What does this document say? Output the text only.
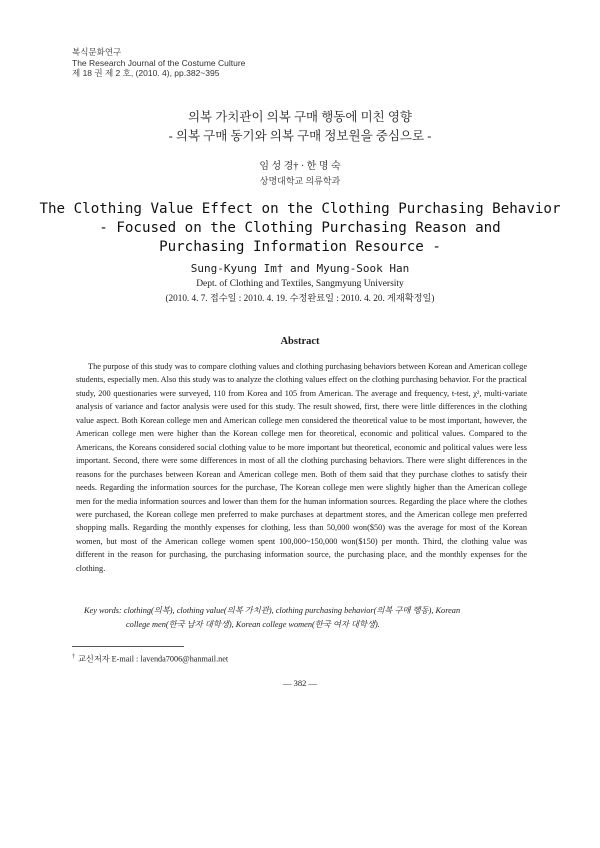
복식문화연구
The Research Journal of the Costume Culture
제 18 권 제 2 호, (2010. 4), pp.382~395
의복 가치관이 의복 구매 행동에 미친 영향
- 의복 구매 동기와 의복 구매 정보원을 중심으로 -
임 성 경† · 한 명 숙
상명대학교 의류학과
The Clothing Value Effect on the Clothing Purchasing Behavior
- Focused on the Clothing Purchasing Reason and
Purchasing Information Resource -
Sung-Kyung Im† and Myung-Sook Han
Dept. of Clothing and Textiles, Sangmyung University
(2010. 4. 7. 접수일 : 2010. 4. 19. 수정완료일 : 2010. 4. 20. 게재확정일)
Abstract

The purpose of this study was to compare clothing values and clothing purchasing behaviors between Korean and American college students, especially men. Also this study was to analyze the clothing values effect on the clothing purchasing behavior. For the practical study, 200 questionaries were surveyed, 110 from Korea and 105 from American. The average and frequency, t-test, χ², multi-variate analysis of variance and factor analysis were used for this study. The result showed, first, there were little differences in the clothing value aspect. Both Korean college men and American college men considered the theoretical value to be most important, however, the American college men were higher than the Korean college men for theoretical, economic and political values. Compared to the Americans, the Koreans considered social clothing value to be more important but theoretical, economic and political values were less important. Second, there were some differences in most of all the clothing purchasing behaviors. There were slight differences in the reasons for the purchases between Korean and American college men. Both of them said that they purchase clothes to satisfy their needs. Regarding the information sources for the purchase, The Korean college men were slightly higher than the American college men for the media information sources and lower than them for the human information sources. Regarding the place where the clothes were purchased, the Korean college men preferred to make purchases at department stores, and the American college men preferred shopping malls. Regarding the monthly expenses for clothing, less than 50,000 won($50) was the average for most of the Korean women, but most of the American college women spent 100,000~150,000 won($150) per month. Third, the clothing value was different in the reason for purchasing, the purchasing information source, the purchasing place, and the monthly expenses for the clothing.

Key words: clothing(의복), clothing value(의복 가치관), clothing purchasing behavior(의복 구매 행동), Korean
college men(한국 남자 대학생), Korean college women(한국 여자 대학생).
† 교신저자 E-mail : lavenda7006@hanmail.net
— 382 —
